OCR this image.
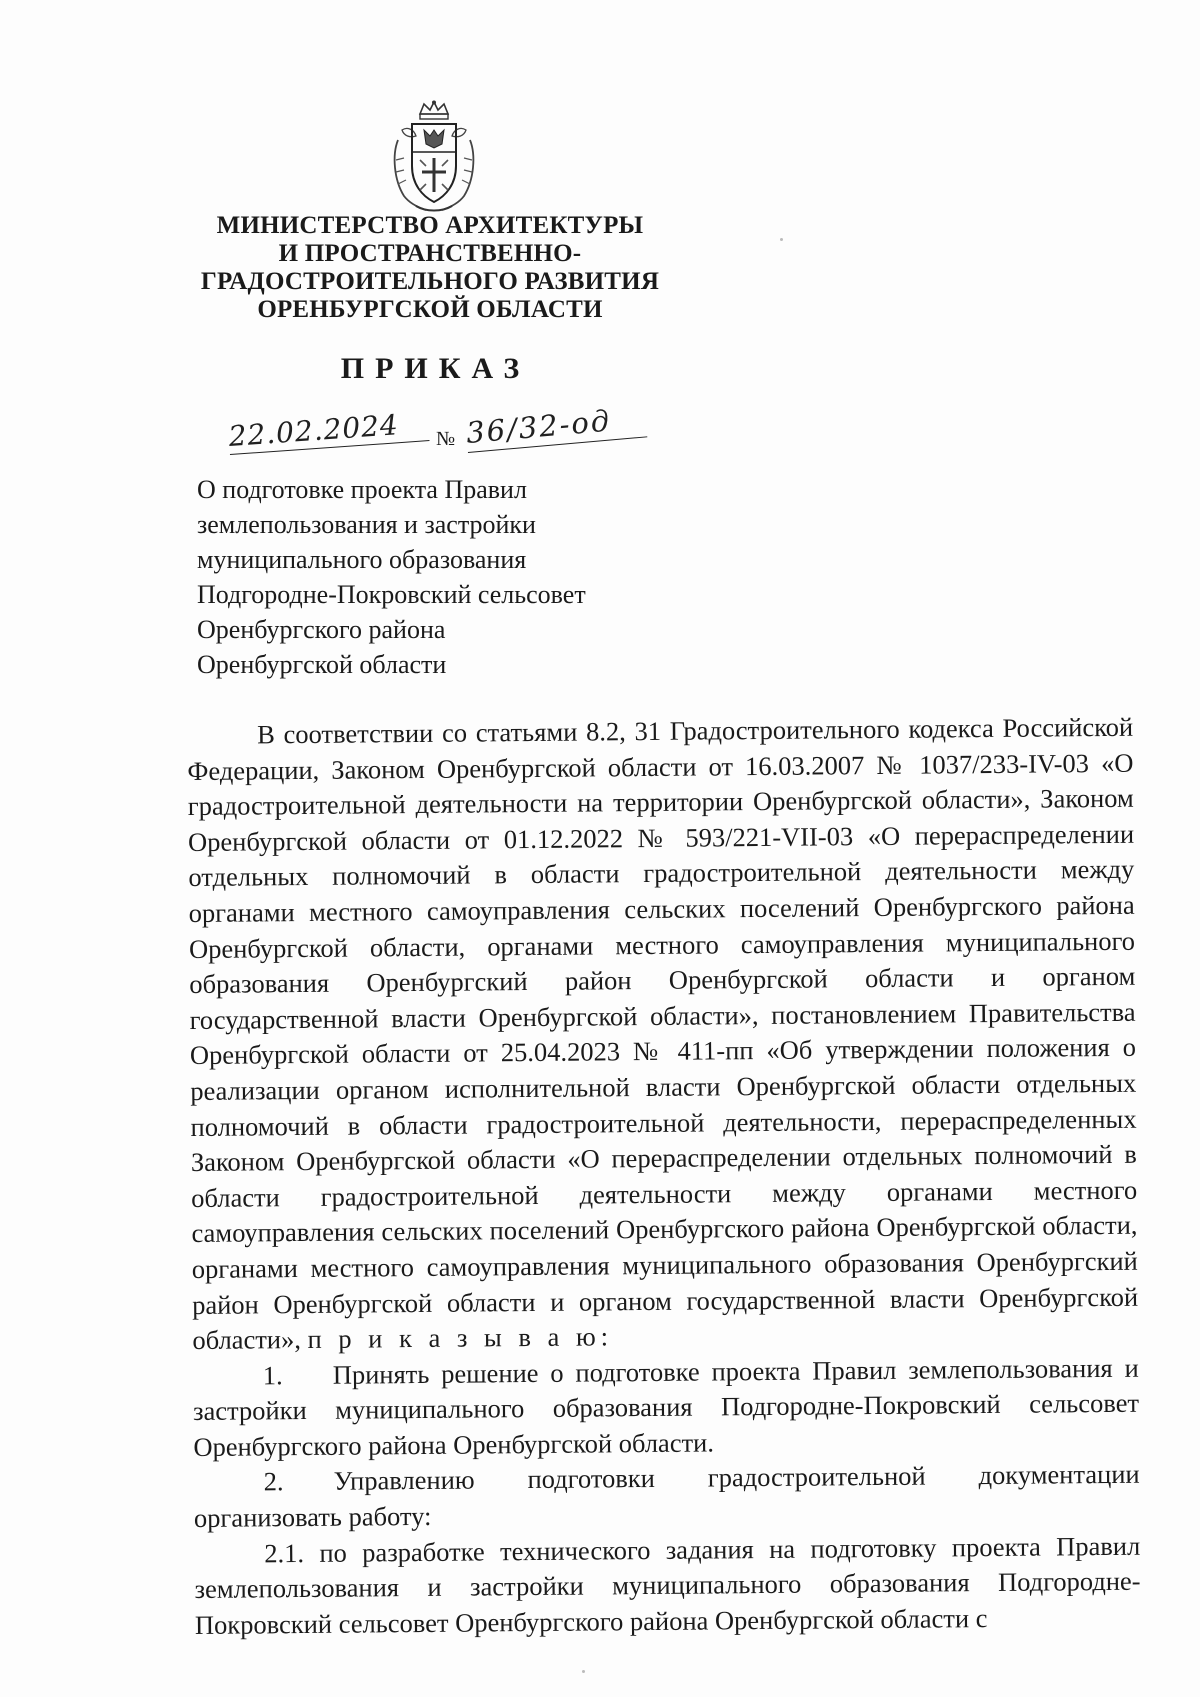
МИНИСТЕРСТВО АРХИТЕКТУРЫ
И ПРОСТРАНСТВЕННО-
ГРАДОСТРОИТЕЛЬНОГО РАЗВИТИЯ
ОРЕНБУРГСКОЙ ОБЛАСТИ
ПРИКАЗ
22.02.2024	№ 36/32-од
О подготовке проекта Правил
землепользования и застройки
муниципального образования
Подгородне-Покровский сельсовет
Оренбургского района
Оренбургской области

В соответствии со статьями 8.2, 31 Градостроительного кодекса Российской Федерации, Законом Оренбургской области от 16.03.2007 № 1037/233-IV-03 «О градостроительной деятельности на территории Оренбургской области», Законом Оренбургской области от 01.12.2022 № 593/221-VII-03 «О перераспределении отдельных полномочий в области градостроительной деятельности между органами местного самоуправления сельских поселений Оренбургского района Оренбургской области, органами местного самоуправления муниципального образования Оренбургский район Оренбургской области и органом государственной власти Оренбургской области», постановлением Правительства Оренбургской области от 25.04.2023 № 411-пп «Об утверждении положения о реализации органом исполнительной власти Оренбургской области отдельных полномочий в области градостроительной деятельности, перераспределенных Законом Оренбургской области «О перераспределении отдельных полномочий в области градостроительной деятельности между органами местного самоуправления сельских поселений Оренбургского района Оренбургской области, органами местного самоуправления муниципального образования Оренбургский район Оренбургской области и органом государственной власти Оренбургской области», п р и к а з ы в а ю:

1. Принять решение о подготовке проекта Правил землепользования и застройки муниципального образования Подгородне-Покровский сельсовет Оренбургского района Оренбургской области.

2. Управлению подготовки градостроительной документации организовать работу:

2.1. по разработке технического задания на подготовку проекта Правил землепользования и застройки муниципального образования Подгородне-Покровский сельсовет Оренбургского района Оренбургской области с
